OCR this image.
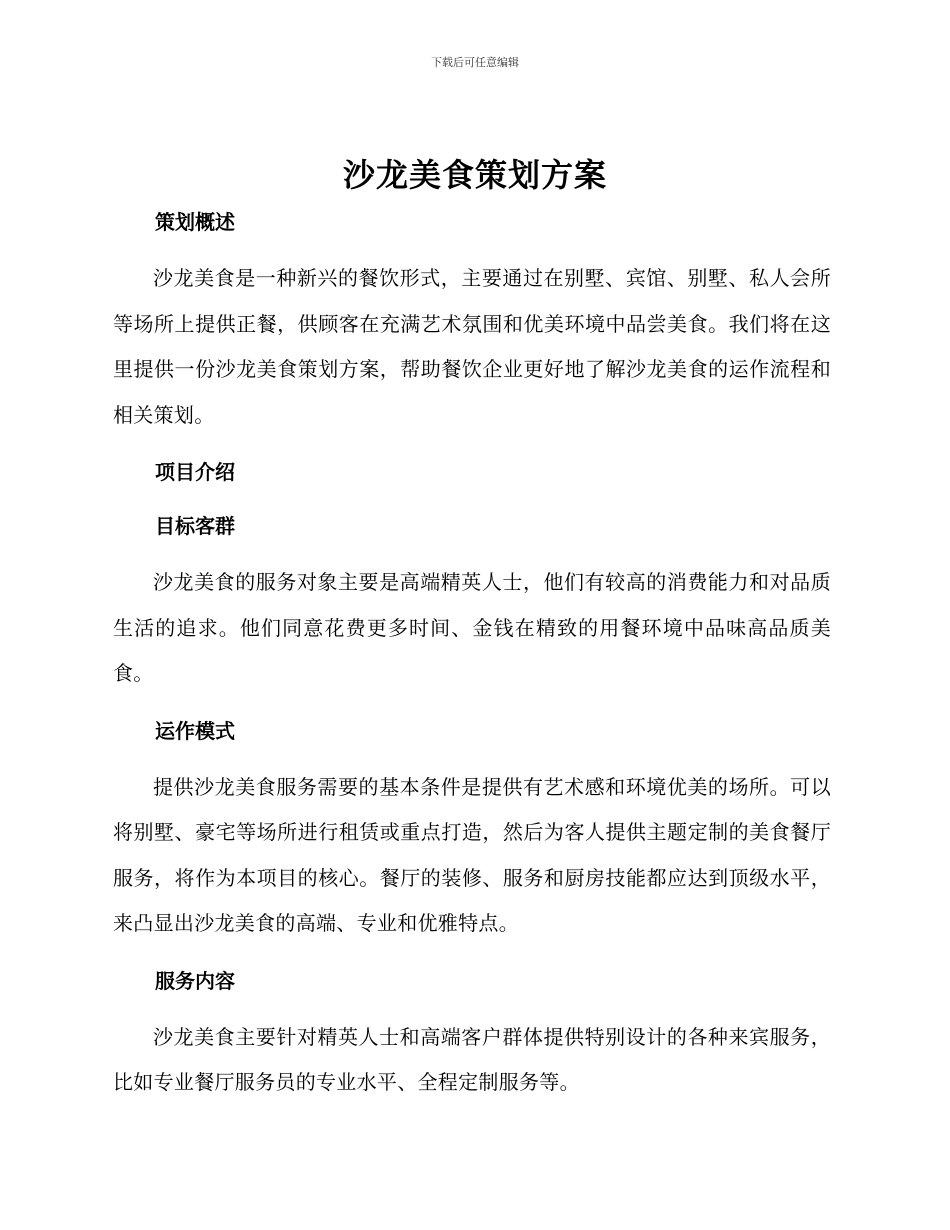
下载后可任意编辑
沙龙美食策划方案
策划概述

沙龙美食是一种新兴的餐饮形式，主要通过在别墅、宾馆、别墅、私人会所等场所上提供正餐，供顾客在充满艺术氛围和优美环境中品尝美食。我们将在这里提供一份沙龙美食策划方案，帮助餐饮企业更好地了解沙龙美食的运作流程和相关策划。

项目介绍
目标客群

沙龙美食的服务对象主要是高端精英人士，他们有较高的消费能力和对品质生活的追求。他们同意花费更多时间、金钱在精致的用餐环境中品味高品质美食。

运作模式

提供沙龙美食服务需要的基本条件是提供有艺术感和环境优美的场所。可以将别墅、豪宅等场所进行租赁或重点打造，然后为客人提供主题定制的美食餐厅服务，将作为本项目的核心。餐厅的装修、服务和厨房技能都应达到顶级水平，来凸显出沙龙美食的高端、专业和优雅特点。

服务内容

沙龙美食主要针对精英人士和高端客户群体提供特别设计的各种来宾服务，比如专业餐厅服务员的专业水平、全程定制服务等。
